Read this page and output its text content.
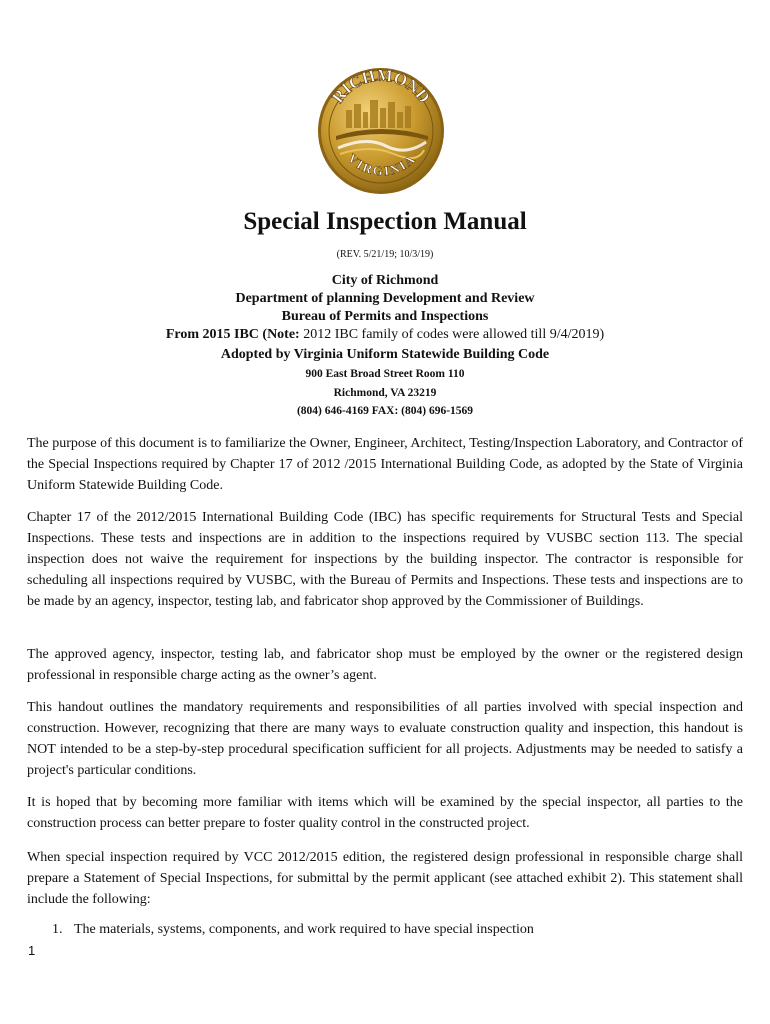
RICHMOND
VIRGINIA
Special Inspection Manual
(REV. 5/21/19; 10/3/19)
City of Richmond
Department of planning Development and Review
Bureau of Permits and Inspections
From 2015 IBC (Note: 2012 IBC family of codes were allowed till 9/4/2019)
Adopted by Virginia Uniform Statewide Building Code
900 East Broad Street Room 110
Richmond, VA 23219
(804) 646-4169 FAX: (804) 696-1569

The purpose of this document is to familiarize the Owner, Engineer, Architect, Testing/Inspection Laboratory, and Contractor of the Special Inspections required by Chapter 17 of 2012 /2015 International Building Code, as adopted by the State of Virginia Uniform Statewide Building Code.

Chapter 17 of the 2012/2015 International Building Code (IBC) has specific requirements for Structural Tests and Special Inspections. These tests and inspections are in addition to the inspections required by VUSBC section 113. The special inspection does not waive the requirement for inspections by the building inspector. The contractor is responsible for scheduling all inspections required by VUSBC, with the Bureau of Permits and Inspections. These tests and inspections are to be made by an agency, inspector, testing lab, and fabricator shop approved by the Commissioner of Buildings.

The approved agency, inspector, testing lab, and fabricator shop must be employed by the owner or the registered design professional in responsible charge acting as the owner’s agent.

This handout outlines the mandatory requirements and responsibilities of all parties involved with special inspection and construction. However, recognizing that there are many ways to evaluate construction quality and inspection, this handout is NOT intended to be a step-by-step procedural specification sufficient for all projects. Adjustments may be needed to satisfy a project's particular conditions.

It is hoped that by becoming more familiar with items which will be examined by the special inspector, all parties to the construction process can better prepare to foster quality control in the constructed project.

When special inspection required by VCC 2012/2015 edition, the registered design professional in responsible charge shall prepare a Statement of Special Inspections, for submittal by the permit applicant (see attached exhibit 2). This statement shall include the following:

1. The materials, systems, components, and work required to have special inspection
1
